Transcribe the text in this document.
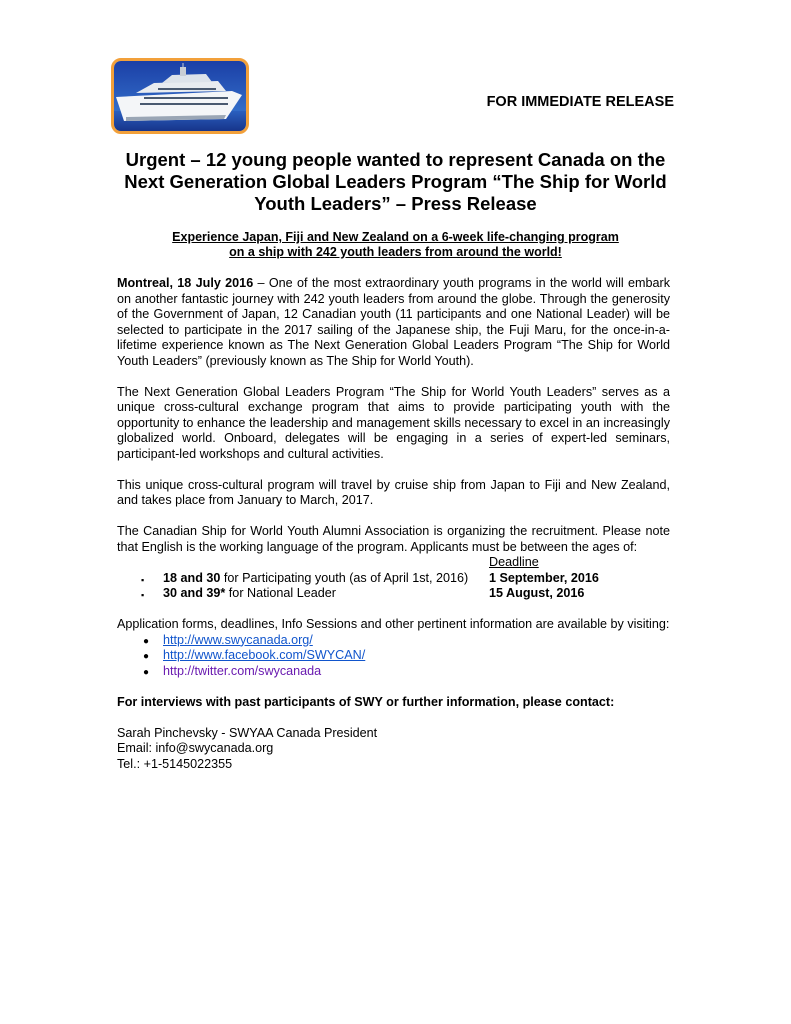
FOR IMMEDIATE RELEASE
Urgent – 12 young people wanted to represent Canada on the
Next Generation Global Leaders Program “The Ship for World
Youth Leaders” – Press Release
Experience Japan, Fiji and New Zealand on a 6-week life-changing program
on a ship with 242 youth leaders from around the world!

Montreal, 18 July 2016 – One of the most extraordinary youth programs in the world will embark on another fantastic journey with 242 youth leaders from around the globe. Through the generosity of the Government of Japan, 12 Canadian youth (11 participants and one National Leader) will be selected to participate in the 2017 sailing of the Japanese ship, the Fuji Maru, for the once-in-a-lifetime experience known as The Next Generation Global Leaders Program “The Ship for World Youth Leaders” (previously known as The Ship for World Youth).

The Next Generation Global Leaders Program “The Ship for World Youth Leaders” serves as a unique cross-cultural exchange program that aims to provide participating youth with the opportunity to enhance the leadership and management skills necessary to excel in an increasingly globalized world. Onboard, delegates will be engaging in a series of expert-led seminars, participant-led workshops and cultural activities.

This unique cross-cultural program will travel by cruise ship from Japan to Fiji and New Zealand, and takes place from January to March, 2017.

The Canadian Ship for World Youth Alumni Association is organizing the recruitment. Please note that English is the working language of the program. Applicants must be between the ages of:

Deadline
▪ 18 and 30 for Participating youth (as of April 1st, 2016) 1 September, 2016
▪ 30 and 39* for National Leader	15 August, 2016

Application forms, deadlines, Info Sessions and other pertinent information are available by visiting:

● http://www.swycanada.org/
● http://www.facebook.com/SWYCAN/
● http://twitter.com/swycanada
For interviews with past participants of SWY or further information, please contact:
Sarah Pinchevsky - SWYAA Canada President
Email: info@swycanada.org
Tel.: +1-5145022355
